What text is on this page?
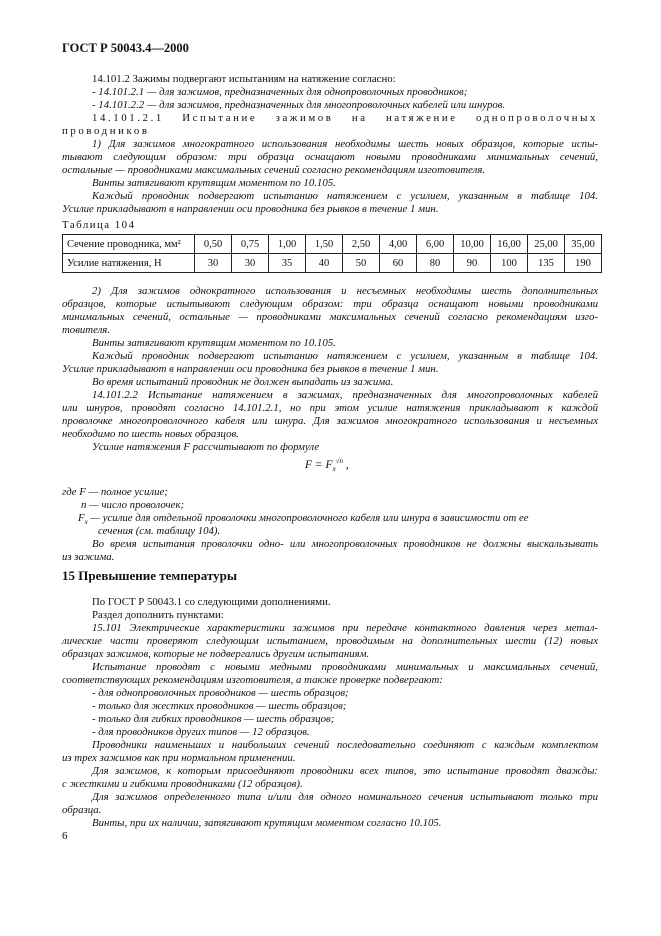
ГОСТ Р 50043.4—2000
14.101.2 Зажимы подвергают испытаниям на натяжение согласно:
- 14.101.2.1 — для зажимов, предназначенных для однопроволочных проводников;
- 14.101.2.2 — для зажимов, предназначенных для многопроволочных кабелей или шнуров.
14.101.2.1 Испытание зажимов на натяжение однопроволочных
проводников
1) Для зажимов многократного использования необходимы шесть новых образцов, которые испы-
тывают следующим образом: три образца оснащают новыми проводниками минимальных сечений,
остальные — проводниками максимальных сечений согласно рекомендациям изготовителя.
Винты затягивают крутящим моментом по 10.105.
Каждый проводник подвергают испытанию натяжением с усилием, указанным в таблице 104.
Усилие прикладывают в направлении оси проводника без рывков в течение 1 мин.
Таблица 104
Сечение проводника, мм²	0,50	0,75	1,00	1,50	2,50	4,00	6,00	10,00	16,00	25,00	35,00
Усилие натяжения, Н	30	30	35	40	50	60	80	90	100	135	190
2) Для зажимов однократного использования и несъемных необходимы шесть дополнительных
образцов, которые испытывают следующим образом: три образца оснащают новыми проводниками
минимальных сечений, остальные — проводниками максимальных сечений согласно рекомендациям изго-
товителя.
Винты затягивают крутящим моментом по 10.105.
Каждый проводник подвергают испытанию натяжением с усилием, указанным в таблице 104.
Усилие прикладывают в направлении оси проводника без рывков в течение 1 мин.
Во время испытаний проводник не должен выпадать из зажима.
14.101.2.2 Испытание натяжением в зажимах, предназначенных для многопроволочных кабелей
или шнуров, проводят согласно 14.101.2.1, но при этом усилие натяжения прикладывают к каждой
проволочке многопроволочного кабеля или шнура. Для зажимов многократного использования и несъемных
необходимо по шесть новых образцов.
Усилие натяжения F рассчитывают по формуле
$F = F_x^{√n}$ ,
где F — полное усилие;
n — число проволочек;
$F_x$ — усилие для отдельной проволочки многопроволочного кабеля или шнура в зависимости от ее
сечения (см. таблицу 104).
Во время испытания проволочки одно- или многопроволочных проводников не должны выскальзывать
из зажима.
15 Превышение температуры
По ГОСТ Р 50043.1 со следующими дополнениями.
Раздел дополнить пунктами:
15.101 Электрические характеристики зажимов при передаче контактного давления через метал-
лические части проверяют следующим испытанием, проводимым на дополнительных шести (12) новых
образцах зажимов, которые не подвергались другим испытаниям.
Испытание проводят с новыми медными проводниками минимальных и максимальных сечений,
соответствующих рекомендациям изготовителя, а также проверке подвергают:
- для однопроволочных проводников — шесть образцов;
- только для жестких проводников — шесть образцов;
- только для гибких проводников — шесть образцов;
- для проводников других типов — 12 образцов.
Проводники наименьших и наибольших сечений последовательно соединяют с каждым комплектом
из трех зажимов как при нормальном применении.
Для зажимов, к которым присоединяют проводники всех типов, это испытание проводят дважды:
с жесткими и гибкими проводниками (12 образцов).
Для зажимов определенного типа и/или для одного номинального сечения испытывают только три
образца.
Винты, при их наличии, затягивают крутящим моментом согласно 10.105.
6
